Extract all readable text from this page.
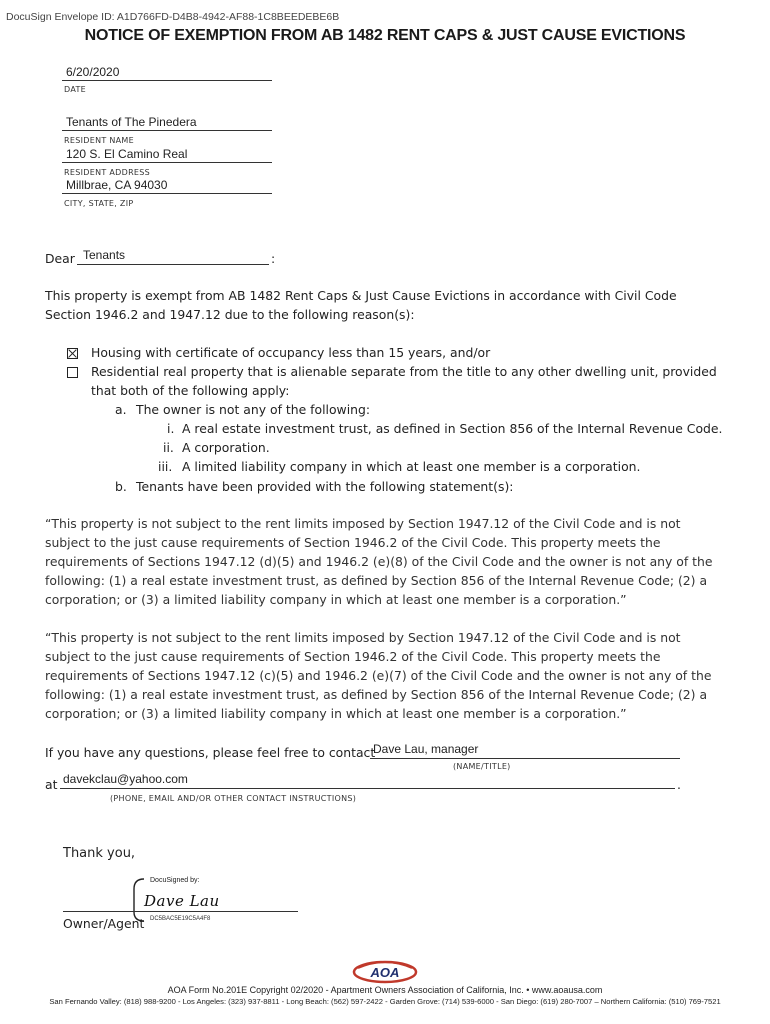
DocuSign Envelope ID: A1D766FD-D4B8-4942-AF88-1C8BEEDEBE6B
NOTICE OF EXEMPTION FROM AB 1482 RENT CAPS & JUST CAUSE EVICTIONS
6/20/2020
DATE
Tenants of The Pinedera
RESIDENT NAME
120 S. El Camino Real
RESIDENT ADDRESS
Millbrae, CA 94030
CITY, STATE, ZIP
Dear Tenants	:
This property is exempt from AB 1482 Rent Caps & Just Cause Evictions in accordance with Civil Code Section 1946.2 and 1947.12 due to the following reason(s):
Housing with certificate of occupancy less than 15 years, and/or
Residential real property that is alienable separate from the title to any other dwelling unit, provided that both of the following apply:
a. The owner is not any of the following:
i. A real estate investment trust, as defined in Section 856 of the Internal Revenue Code.
ii. A corporation.
iii. A limited liability company in which at least one member is a corporation.
b. Tenants have been provided with the following statement(s):
“This property is not subject to the rent limits imposed by Section 1947.12 of the Civil Code and is not subject to the just cause requirements of Section 1946.2 of the Civil Code. This property meets the requirements of Sections 1947.12 (d)(5) and 1946.2 (e)(8) of the Civil Code and the owner is not any of the following: (1) a real estate investment trust, as defined by Section 856 of the Internal Revenue Code; (2) a corporation; or (3) a limited liability company in which at least one member is a corporation.”
“This property is not subject to the rent limits imposed by Section 1947.12 of the Civil Code and is not subject to the just cause requirements of Section 1946.2 of the Civil Code. This property meets the requirements of Sections 1947.12 (c)(5) and 1946.2 (e)(7) of the Civil Code and the owner is not any of the following: (1) a real estate investment trust, as defined by Section 856 of the Internal Revenue Code; (2) a corporation; or (3) a limited liability company in which at least one member is a corporation.”
If you have any questions, please feel free to contact
Dave Lau, manager
(NAME/TITLE)
at davekclau@yahoo.com	.
(PHONE, EMAIL AND/OR OTHER CONTACT INSTRUCTIONS)
Thank you,
DocuSigned by:
Dave Lau
DC5BAC5E19C5A4F8
Owner/Agent
AOA
AOA Form No.201E Copyright 02/2020 - Apartment Owners Association of California, Inc. • www.aoausa.com
San Fernando Valley: (818) 988-9200 - Los Angeles: (323) 937-8811 - Long Beach: (562) 597-2422 - Garden Grove: (714) 539-6000 - San Diego: (619) 280-7007 – Northern California: (510) 769-7521
